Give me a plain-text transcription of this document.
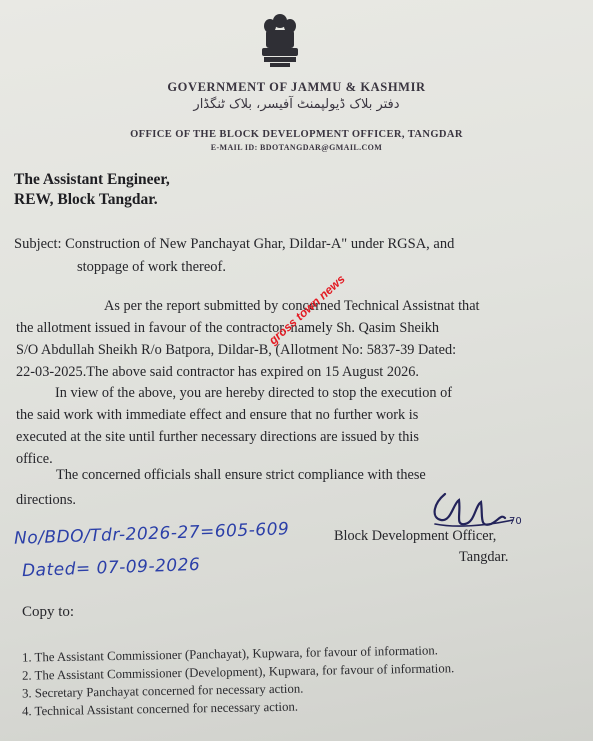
GOVERNMENT OF JAMMU & KASHMIR
دفتر بلاک ڈیولپمنٹ آفیسر، بلاک ٹنگڈار
OFFICE OF THE BLOCK DEVELOPMENT OFFICER, TANGDAR
E-MAIL ID: BDOTANGDAR@GMAIL.COM
The Assistant Engineer,
REW, Block Tangdar.
Subject: Construction of New Panchayat Ghar, Dildar-A" under RGSA, and
stoppage of work thereof.
As per the report submitted by concerned Technical Assistnat that
the allotment issued in favour of the contractor, namely Sh. Qasim Sheikh
S/O Abdullah Sheikh R/o Batpora, Dildar-B, (Allotment No: 5837-39 Dated:
22-03-2025.The above said contractor has expired on 15 August 2026.
In view of the above, you are hereby directed to stop the execution of
the said work with immediate effect and ensure that no further work is
executed at the site until further necessary directions are issued by this
office.
The concerned officials shall ensure strict compliance with these
directions.
gross town news
70
Block Development Officer,
Tangdar.
No/BDO/Tdr-2026-27=605-609
Dated= 07-09-2026
Copy to:
1. The Assistant Commissioner (Panchayat), Kupwara, for favour of information.
2. The Assistant Commissioner (Development), Kupwara, for favour of information.
3. Secretary Panchayat concerned for necessary action.
4. Technical Assistant concerned for necessary action.
